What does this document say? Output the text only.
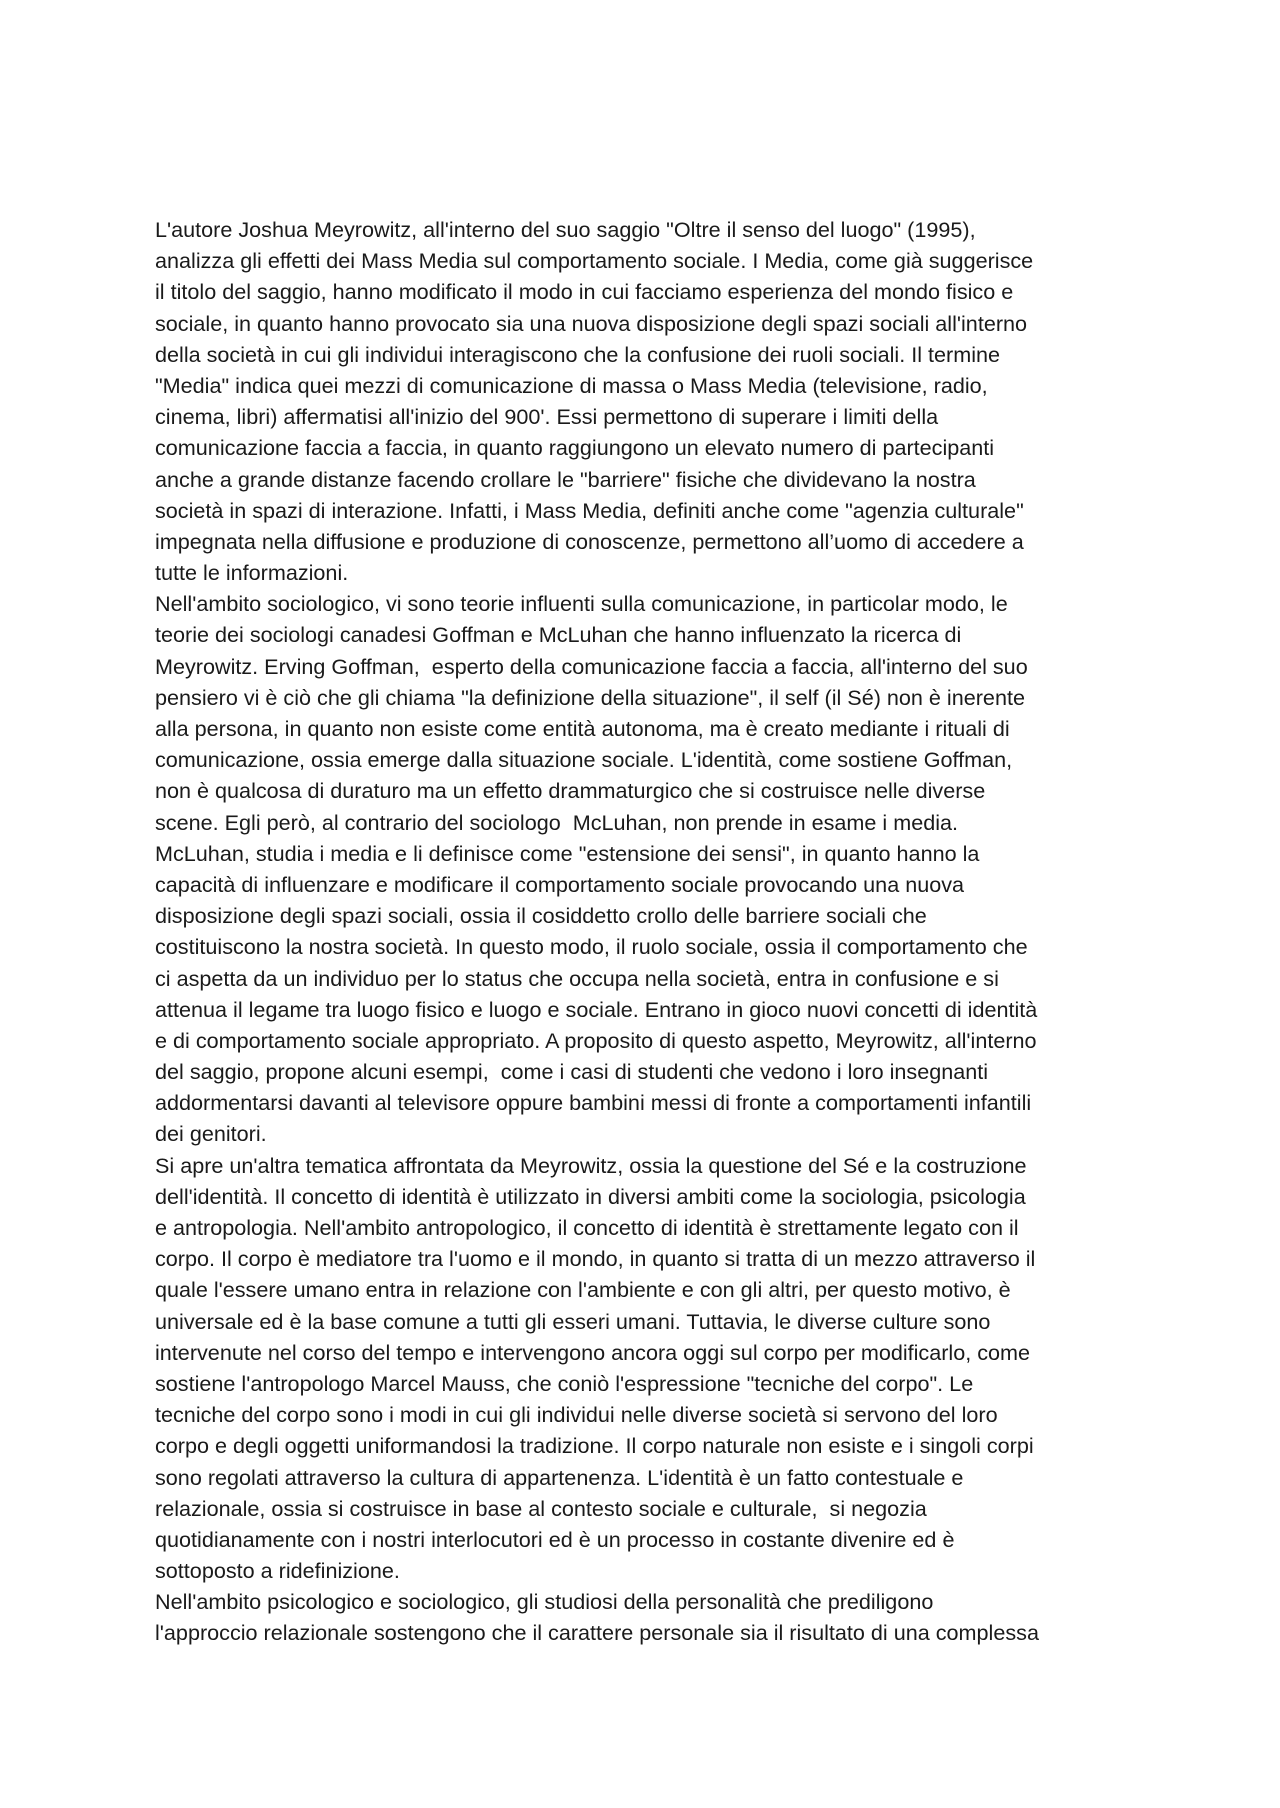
L'autore Joshua Meyrowitz, all'interno del suo saggio "Oltre il senso del luogo" (1995),
analizza gli effetti dei Mass Media sul comportamento sociale. I Media, come già suggerisce
il titolo del saggio, hanno modificato il modo in cui facciamo esperienza del mondo fisico e
sociale, in quanto hanno provocato sia una nuova disposizione degli spazi sociali all'interno
della società in cui gli individui interagiscono che la confusione dei ruoli sociali. Il termine
"Media" indica quei mezzi di comunicazione di massa o Mass Media (televisione, radio,
cinema, libri) affermatisi all'inizio del 900'. Essi permettono di superare i limiti della
comunicazione faccia a faccia, in quanto raggiungono un elevato numero di partecipanti
anche a grande distanze facendo crollare le "barriere" fisiche che dividevano la nostra
società in spazi di interazione. Infatti, i Mass Media, definiti anche come "agenzia culturale"
impegnata nella diffusione e produzione di conoscenze, permettono all’uomo di accedere a
tutte le informazioni.
Nell'ambito sociologico, vi sono teorie influenti sulla comunicazione, in particolar modo, le
teorie dei sociologi canadesi Goffman e McLuhan che hanno influenzato la ricerca di
Meyrowitz. Erving Goffman,  esperto della comunicazione faccia a faccia, all'interno del suo
pensiero vi è ciò che gli chiama "la definizione della situazione", il self (il Sé) non è inerente
alla persona, in quanto non esiste come entità autonoma, ma è creato mediante i rituali di
comunicazione, ossia emerge dalla situazione sociale. L'identità, come sostiene Goffman,
non è qualcosa di duraturo ma un effetto drammaturgico che si costruisce nelle diverse
scene. Egli però, al contrario del sociologo  McLuhan, non prende in esame i media.
McLuhan, studia i media e li definisce come "estensione dei sensi", in quanto hanno la
capacità di influenzare e modificare il comportamento sociale provocando una nuova
disposizione degli spazi sociali, ossia il cosiddetto crollo delle barriere sociali che
costituiscono la nostra società. In questo modo, il ruolo sociale, ossia il comportamento che
ci aspetta da un individuo per lo status che occupa nella società, entra in confusione e si
attenua il legame tra luogo fisico e luogo e sociale. Entrano in gioco nuovi concetti di identità
e di comportamento sociale appropriato. A proposito di questo aspetto, Meyrowitz, all'interno
del saggio, propone alcuni esempi,  come i casi di studenti che vedono i loro insegnanti
addormentarsi davanti al televisore oppure bambini messi di fronte a comportamenti infantili
dei genitori.
Si apre un'altra tematica affrontata da Meyrowitz, ossia la questione del Sé e la costruzione
dell'identità. Il concetto di identità è utilizzato in diversi ambiti come la sociologia, psicologia
e antropologia. Nell'ambito antropologico, il concetto di identità è strettamente legato con il
corpo. Il corpo è mediatore tra l'uomo e il mondo, in quanto si tratta di un mezzo attraverso il
quale l'essere umano entra in relazione con l'ambiente e con gli altri, per questo motivo, è
universale ed è la base comune a tutti gli esseri umani. Tuttavia, le diverse culture sono
intervenute nel corso del tempo e intervengono ancora oggi sul corpo per modificarlo, come
sostiene l'antropologo Marcel Mauss, che coniò l'espressione "tecniche del corpo". Le
tecniche del corpo sono i modi in cui gli individui nelle diverse società si servono del loro
corpo e degli oggetti uniformandosi la tradizione. Il corpo naturale non esiste e i singoli corpi
sono regolati attraverso la cultura di appartenenza. L'identità è un fatto contestuale e
relazionale, ossia si costruisce in base al contesto sociale e culturale,  si negozia
quotidianamente con i nostri interlocutori ed è un processo in costante divenire ed è
sottoposto a ridefinizione.
Nell'ambito psicologico e sociologico, gli studiosi della personalità che prediligono
l'approccio relazionale sostengono che il carattere personale sia il risultato di una complessa
